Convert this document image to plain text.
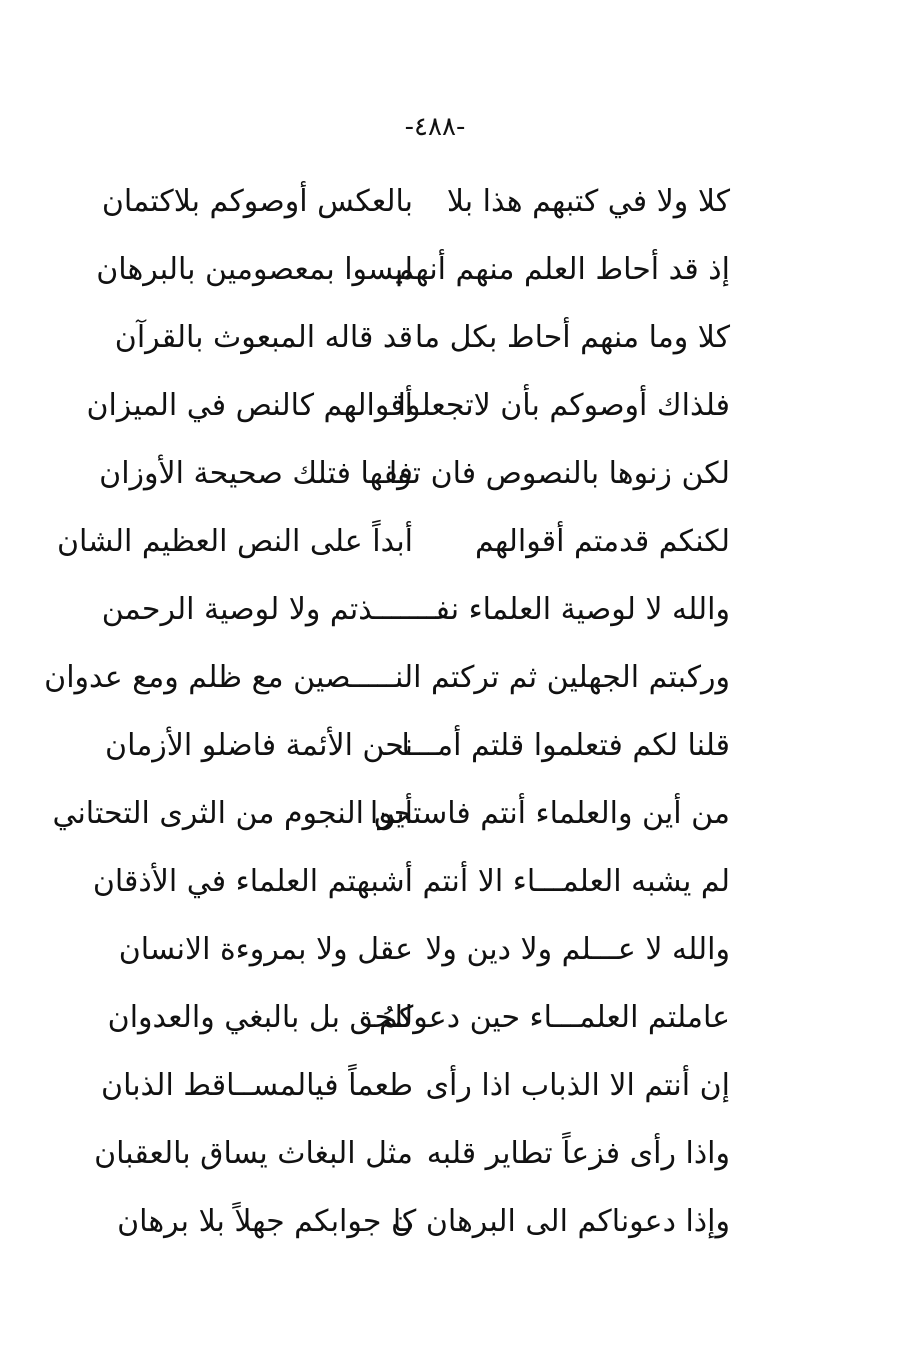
-٤٨٨-
كلا ولا في كتبهم هذا بلا
بالعكس أوصوكم بلاكتمان
إذ قد أحاط العلم منهم أنهم
ليسوا بمعصومين بالبرهان
كلا وما منهم أحاط بكل ما
قد قاله المبعوث بالقرآن
فلذاك أوصوكم بأن لاتجعلوا
أقوالهم كالنص في الميزان
لكن زنوها بالنصوص فان توا
فقها فتلك صحيحة الأوزان
لكنكم قدمتم أقوالهم
أبداً على النص العظيم الشان
والله لا لوصية العلماء نفـــــــذتم ولا لوصية الرحمن
وركبتم الجهلين ثم تركتم النـــــصين مع ظلم ومع عدوان
قلنا لكم فتعلموا قلتم أمـــا
نحن الأئمة فاضلو الأزمان
من أين والعلماء أنتم فاستحوا
أين النجوم من الثرى التحتاني
لم يشبه العلمـــاء الا أنتم
أشبهتم العلماء في الأذقان
والله لا عـــلم ولا دين ولا
عقل ولا بمروءة الانسان
عاملتم العلمـــاء حين دعوكمُ
للحق بل بالبغي والعدوان
إن أنتم الا الذباب اذا رأى
طعماً فيالمســاقط الذبان
واذا رأى فزعاً تطاير قلبه
مثل البغاث يساق بالعقبان
وإذا دعوناكم الى البرهان كا
ن جوابكم جهلاً بلا برهان
